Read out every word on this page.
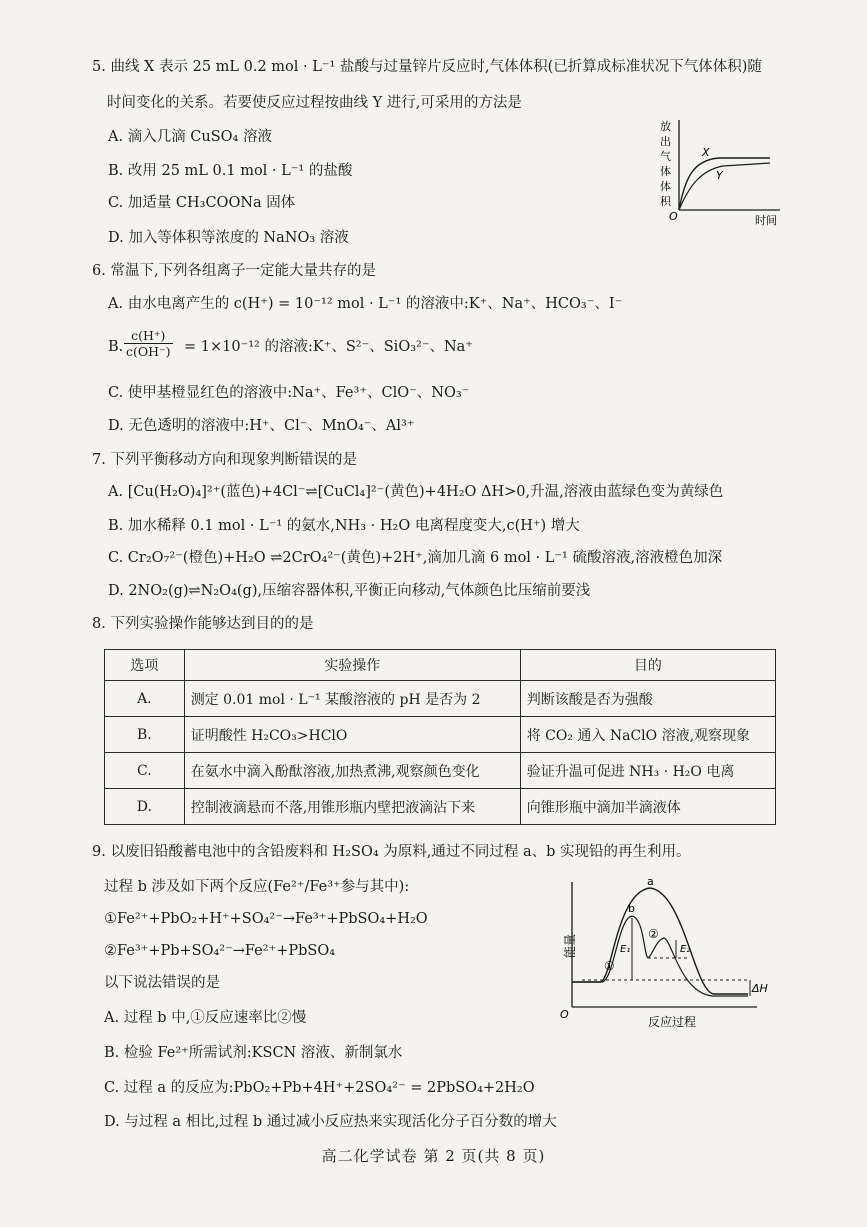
5. 曲线 X 表示 25 mL 0.2 mol · L⁻¹ 盐酸与过量锌片反应时,气体体积(已折算成标准状况下气体体积)随
时间变化的关系。若要使反应过程按曲线 Y 进行,可采用的方法是
A. 滴入几滴 CuSO₄ 溶液
B. 改用 25 mL 0.1 mol · L⁻¹ 的盐酸
C. 加适量 CH₃COONa 固体
D. 加入等体积等浓度的 NaNO₃ 溶液
放
出
气
体
体
积
X
Y
O	时间
6. 常温下,下列各组离子一定能大量共存的是
A. 由水电离产生的 c(H⁺) = 10⁻¹² mol · L⁻¹ 的溶液中:K⁺、Na⁺、HCO₃⁻、I⁻
B. $\frac{c(H^+)}{c(OH^-)} = 1\times 10^{-12}$ 的溶液:K⁺、S²⁻、SiO₃²⁻、Na⁺
C. 使甲基橙显红色的溶液中:Na⁺、Fe³⁺、ClO⁻、NO₃⁻
D. 无色透明的溶液中:H⁺、Cl⁻、MnO₄⁻、Al³⁺
7. 下列平衡移动方向和现象判断错误的是
A. [Cu(H₂O)₄]²⁺(蓝色)+4Cl⁻⇌[CuCl₄]²⁻(黄色)+4H₂O ΔH>0,升温,溶液由蓝绿色变为黄绿色
B. 加水稀释 0.1 mol · L⁻¹ 的氨水,NH₃ · H₂O 电离程度变大,c(H⁺) 增大
C. Cr₂O₇²⁻(橙色)+H₂O ⇌2CrO₄²⁻(黄色)+2H⁺,滴加几滴 6 mol · L⁻¹ 硫酸溶液,溶液橙色加深
D. 2NO₂(g)⇌N₂O₄(g),压缩容器体积,平衡正向移动,气体颜色比压缩前要浅
8. 下列实验操作能够达到目的的是
选项	实验操作	目的
A.	测定 0.01 mol · L⁻¹ 某酸溶液的 pH 是否为 2	判断该酸是否为强酸
B.	证明酸性 H₂CO₃>HClO	将 CO₂ 通入 NaClO 溶液,观察现象
C.	在氨水中滴入酚酞溶液,加热煮沸,观察颜色变化	验证升温可促进 NH₃ · H₂O 电离
D.	控制液滴悬而不落,用锥形瓶内壁把液滴沾下来	向锥形瓶中滴加半滴液体
9. 以废旧铅酸蓄电池中的含铅废料和 H₂SO₄ 为原料,通过不同过程 a、b 实现铅的再生利用。
过程 b 涉及如下两个反应(Fe²⁺/Fe³⁺参与其中):
①Fe²⁺+PbO₂+H⁺+SO₄²⁻→Fe³⁺+PbSO₄+H₂O
②Fe³⁺+Pb+SO₄²⁻→Fe²⁺+PbSO₄
以下说法错误的是
A. 过程 b 中,①反应速率比②慢
B. 检验 Fe²⁺所需试剂:KSCN 溶液、新制氯水
C. 过程 a 的反应为:PbO₂+Pb+4H⁺+2SO₄²⁻ = 2PbSO₄+2H₂O
D. 与过程 a 相比,过程 b 通过减小反应热来实现活化分子百分数的增大
能量
a
b
①
②
E₁	E₂
ΔH
O
反应过程
高二化学试卷 第 2 页(共 8 页)
